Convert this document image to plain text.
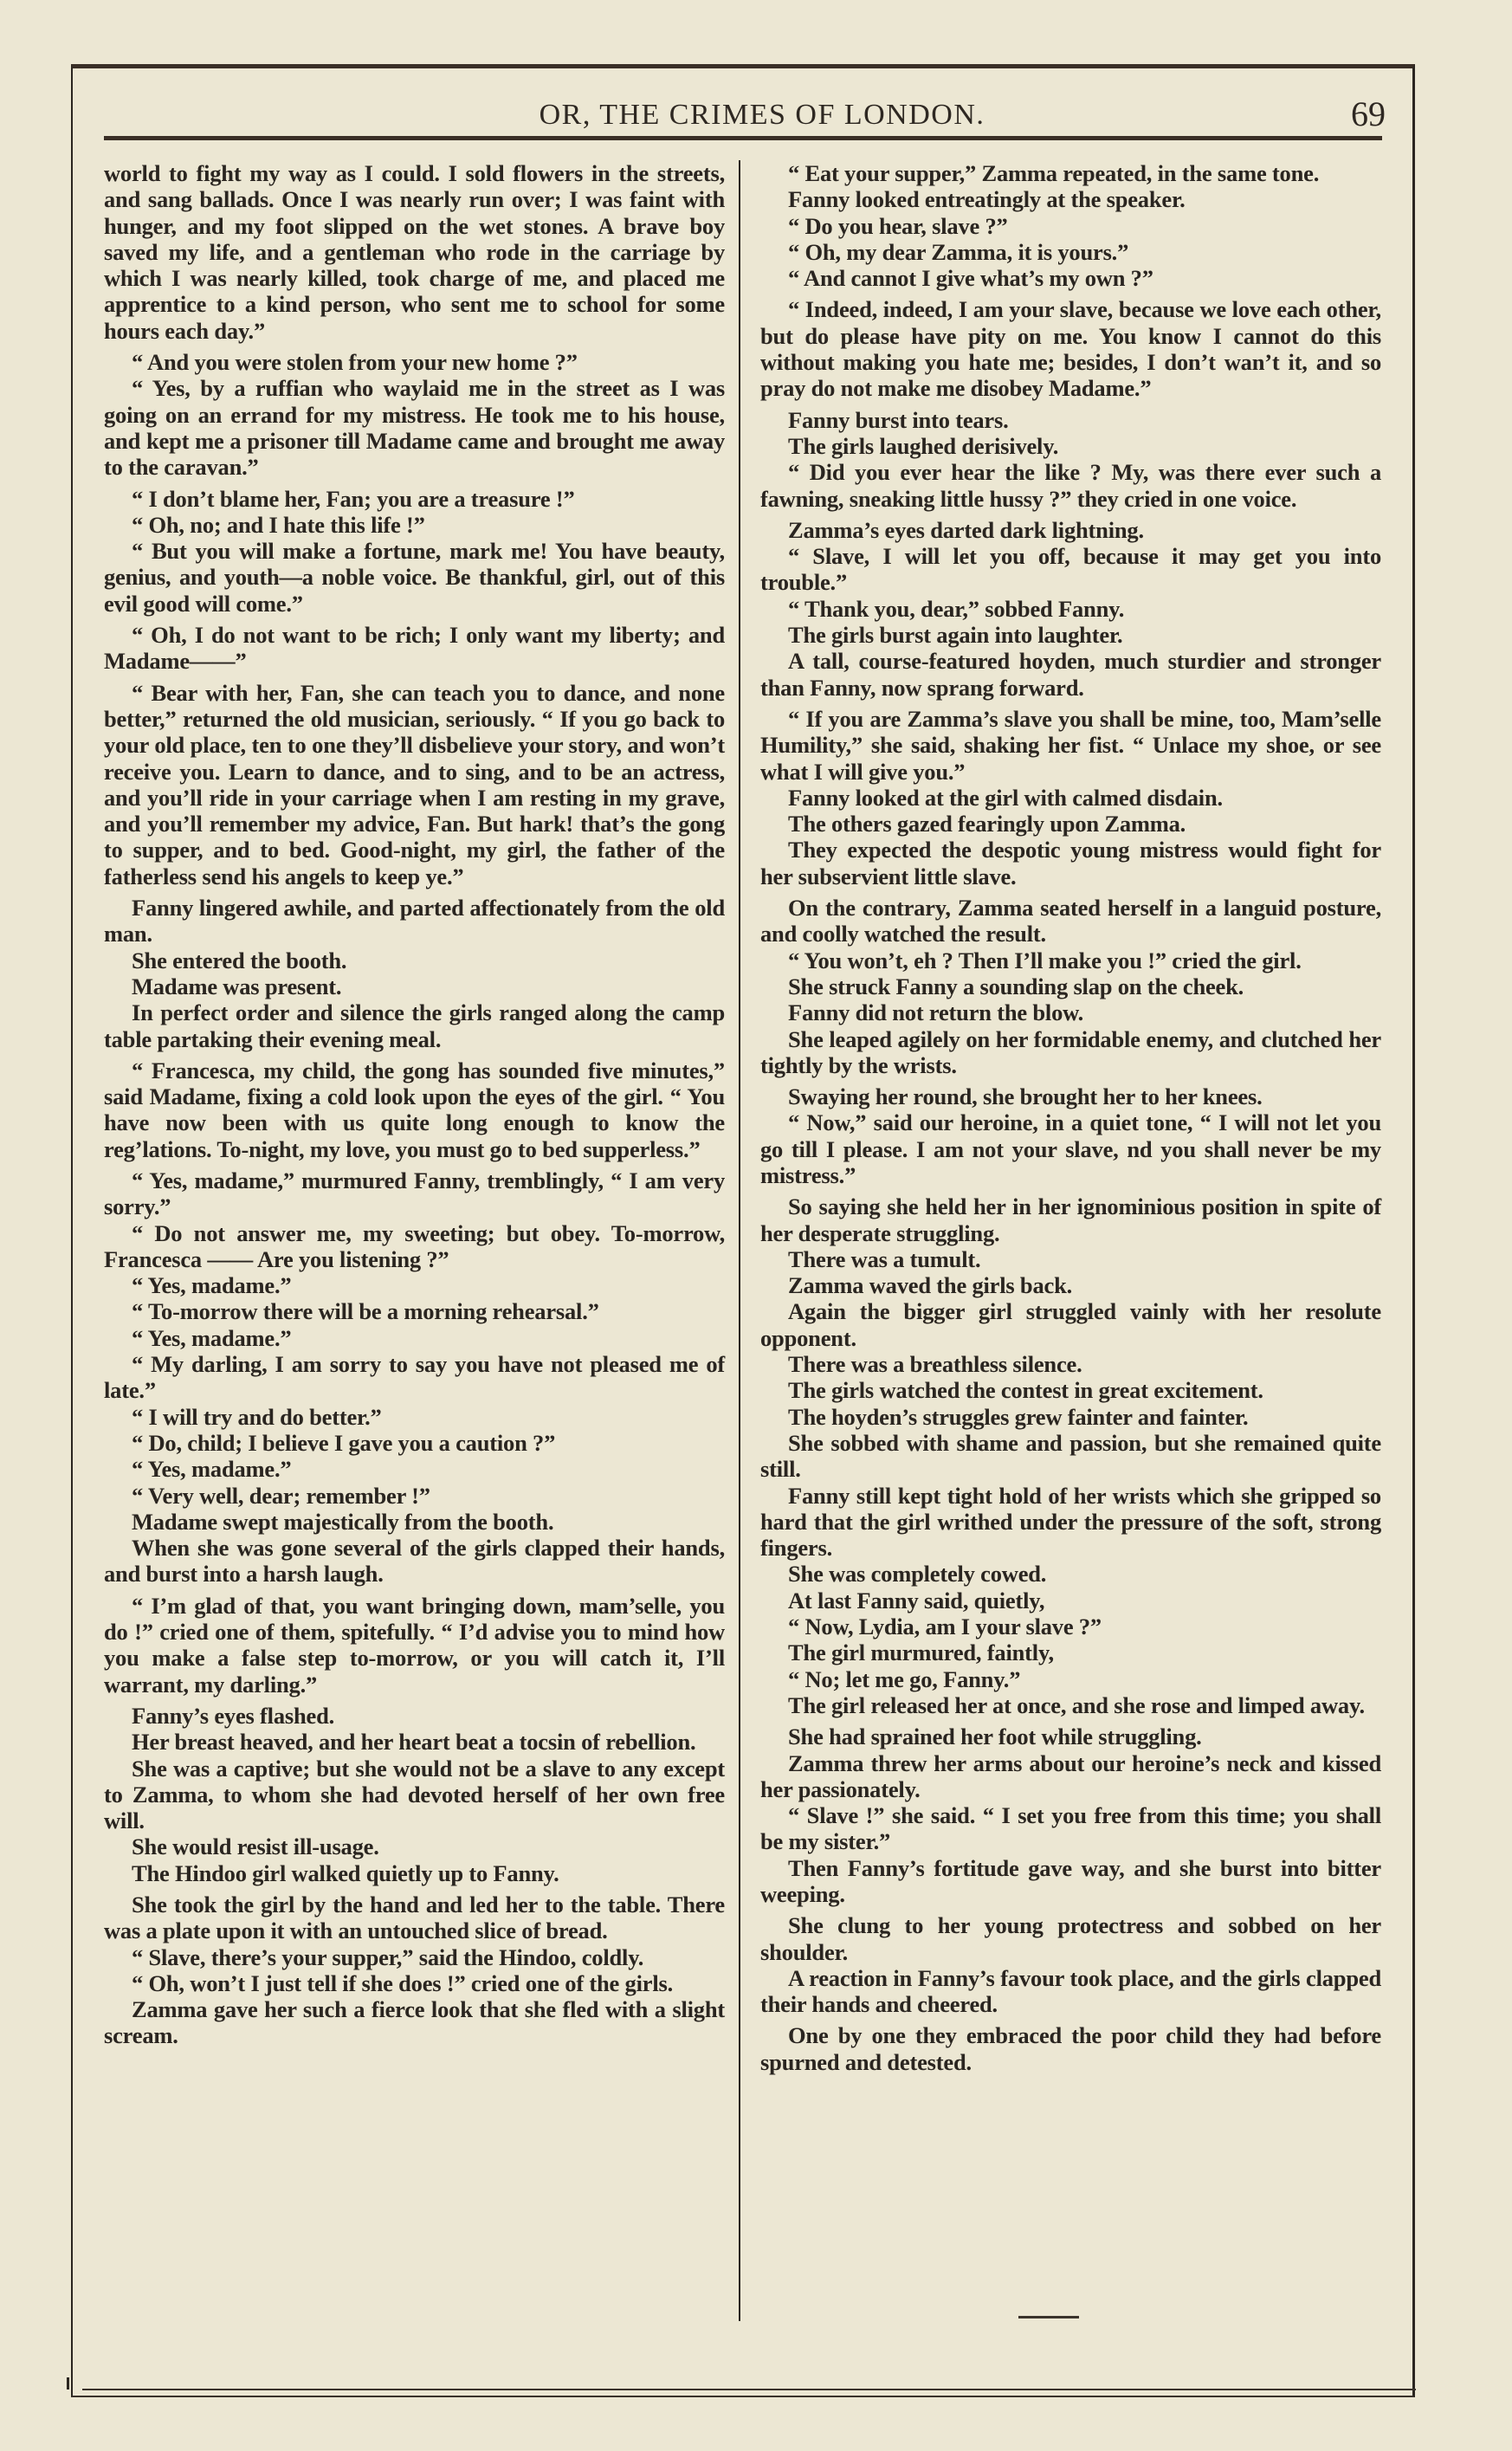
OR, THE CRIMES OF LONDON.	69

world to fight my way as I could. I sold flowers in the streets, and sang ballads. Once I was nearly run over; I was faint with hunger, and my foot slipped on the wet stones. A brave boy saved my life, and a gentleman who rode in the carriage by which I was nearly killed, took charge of me, and placed me apprentice to a kind person, who sent me to school for some hours each day.”

“ And you were stolen from your new home ?”

“ Yes, by a ruffian who waylaid me in the street as I was going on an errand for my mistress. He took me to his house, and kept me a prisoner till Madame came and brought me away to the caravan.”

“ I don’t blame her, Fan; you are a treasure !”

“ Oh, no; and I hate this life !”

“ But you will make a fortune, mark me! You have beauty, genius, and youth—a noble voice. Be thankful, girl, out of this evil good will come.”

“ Oh, I do not want to be rich; I only want my liberty; and Madame——”

“ Bear with her, Fan, she can teach you to dance, and none better,” returned the old musician, seriously. “ If you go back to your old place, ten to one they’ll disbelieve your story, and won’t receive you. Learn to dance, and to sing, and to be an actress, and you’ll ride in your carriage when I am resting in my grave, and you’ll remember my advice, Fan. But hark! that’s the gong to supper, and to bed. Good-night, my girl, the father of the fatherless send his angels to keep ye.”

Fanny lingered awhile, and parted affectionately from the old man.

She entered the booth.

Madame was present.

In perfect order and silence the girls ranged along the camp table partaking their evening meal.

“ Francesca, my child, the gong has sounded five minutes,” said Madame, fixing a cold look upon the eyes of the girl. “ You have now been with us quite long enough to know the reg’lations. To-night, my love, you must go to bed supperless.”

“ Yes, madame,” murmured Fanny, tremblingly, “ I am very sorry.”

“ Do not answer me, my sweeting; but obey. To-morrow, Francesca —— Are you listening ?”

“ Yes, madame.”

“ To-morrow there will be a morning rehearsal.”

“ Yes, madame.”

“ My darling, I am sorry to say you have not pleased me of late.”

“ I will try and do better.”

“ Do, child; I believe I gave you a caution ?”

“ Yes, madame.”

“ Very well, dear; remember !”

Madame swept majestically from the booth.

When she was gone several of the girls clapped their hands, and burst into a harsh laugh.

“ I’m glad of that, you want bringing down, mam’selle, you do !” cried one of them, spitefully. “ I’d advise you to mind how you make a false step to-morrow, or you will catch it, I’ll warrant, my darling.”

Fanny’s eyes flashed.

Her breast heaved, and her heart beat a tocsin of rebellion.

She was a captive; but she would not be a slave to any except to Zamma, to whom she had devoted herself of her own free will.

She would resist ill-usage.

The Hindoo girl walked quietly up to Fanny.

She took the girl by the hand and led her to the table. There was a plate upon it with an untouched slice of bread.

“ Slave, there’s your supper,” said the Hindoo, coldly.

“ Oh, won’t I just tell if she does !” cried one of the girls.

Zamma gave her such a fierce look that she fled with a slight scream.

“ Eat your supper,” Zamma repeated, in the same tone.

Fanny looked entreatingly at the speaker.

“ Do you hear, slave ?”

“ Oh, my dear Zamma, it is yours.”

“ And cannot I give what’s my own ?”

“ Indeed, indeed, I am your slave, because we love each other, but do please have pity on me. You know I cannot do this without making you hate me; besides, I don’t wan’t it, and so pray do not make me disobey Madame.”

Fanny burst into tears.

The girls laughed derisively.

“ Did you ever hear the like ? My, was there ever such a fawning, sneaking little hussy ?” they cried in one voice.

Zamma’s eyes darted dark lightning.

“ Slave, I will let you off, because it may get you into trouble.”

“ Thank you, dear,” sobbed Fanny.

The girls burst again into laughter.

A tall, course-featured hoyden, much sturdier and stronger than Fanny, now sprang forward.

“ If you are Zamma’s slave you shall be mine, too, Mam’selle Humility,” she said, shaking her fist. “ Unlace my shoe, or see what I will give you.”

Fanny looked at the girl with calmed disdain.

The others gazed fearingly upon Zamma.

They expected the despotic young mistress would fight for her subservient little slave.

On the contrary, Zamma seated herself in a languid posture, and coolly watched the result.

“ You won’t, eh ? Then I’ll make you !” cried the girl.

She struck Fanny a sounding slap on the cheek.

Fanny did not return the blow.

She leaped agilely on her formidable enemy, and clutched her tightly by the wrists.

Swaying her round, she brought her to her knees.

“ Now,” said our heroine, in a quiet tone, “ I will not let you go till I please. I am not your slave, nd you shall never be my mistress.”

So saying she held her in her ignominious position in spite of her desperate struggling.

There was a tumult.

Zamma waved the girls back.

Again the bigger girl struggled vainly with her resolute opponent.

There was a breathless silence.

The girls watched the contest in great excitement.

The hoyden’s struggles grew fainter and fainter.

She sobbed with shame and passion, but she remained quite still.

Fanny still kept tight hold of her wrists which she gripped so hard that the girl writhed under the pressure of the soft, strong fingers.

She was completely cowed.

At last Fanny said, quietly,

“ Now, Lydia, am I your slave ?”

The girl murmured, faintly,

“ No; let me go, Fanny.”

The girl released her at once, and she rose and limped away.

She had sprained her foot while struggling.

Zamma threw her arms about our heroine’s neck and kissed her passionately.

“ Slave !” she said. “ I set you free from this time; you shall be my sister.”

Then Fanny’s fortitude gave way, and she burst into bitter weeping.

She clung to her young protectress and sobbed on her shoulder.

A reaction in Fanny’s favour took place, and the girls clapped their hands and cheered.

One by one they embraced the poor child they had before spurned and detested.
